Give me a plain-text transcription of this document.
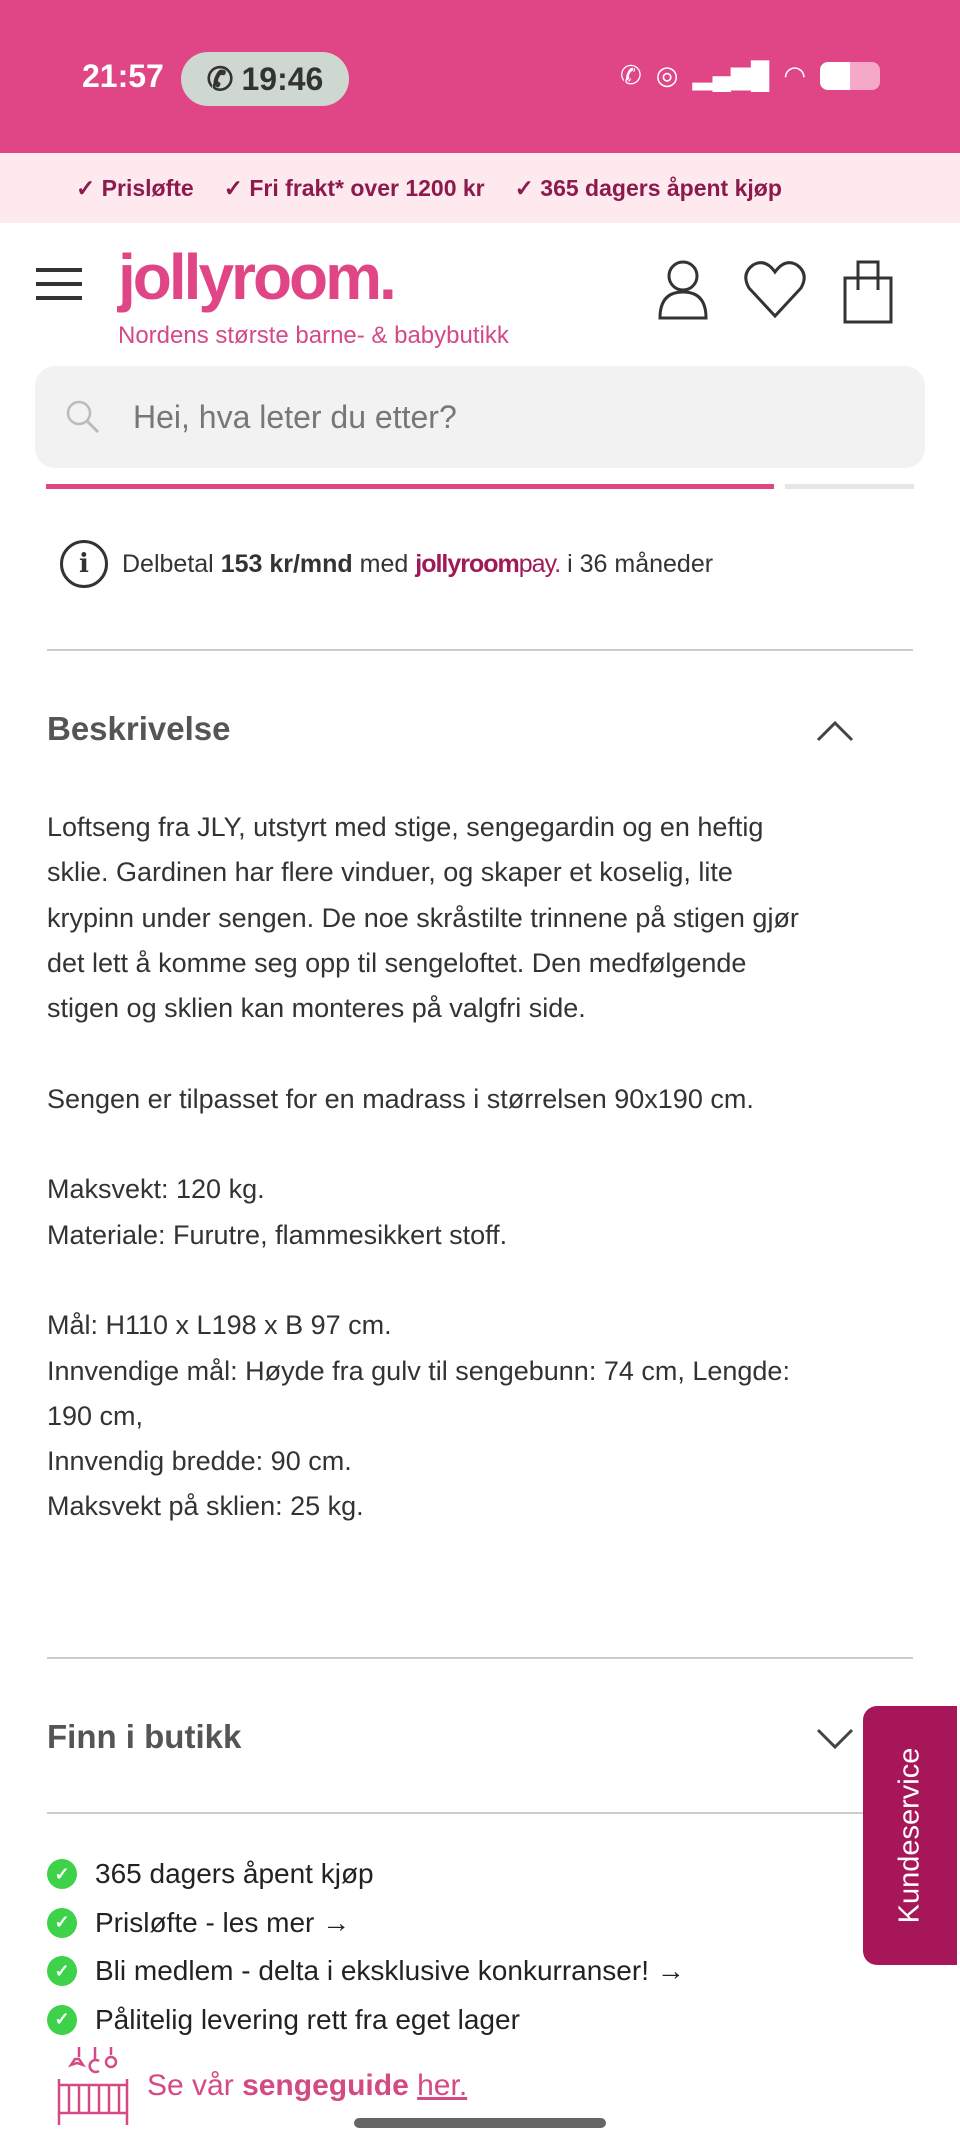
21:57 ✆ 19:46	✆ ◎ ▂▄▆█ ◠
✓ Prisløfte ✓ Fri frakt* over 1200 kr ✓ 365 dagers åpent kjøp
jollyroom.
Nordens største barne- & babybutikk
Hei, hva leter du etter?
i	Delbetal 153 kr/mnd med jollyroompay. i 36 måneder
Beskrivelse
Loftseng fra JLY, utstyrt med stige, sengegardin og en heftig
sklie. Gardinen har flere vinduer, og skaper et koselig, lite
krypinn under sengen. De noe skråstilte trinnene på stigen gjør
det lett å komme seg opp til sengeloftet. Den medfølgende
stigen og sklien kan monteres på valgfri side.
Sengen er tilpasset for en madrass i størrelsen 90x190 cm.
Maksvekt: 120 kg.
Materiale: Furutre, flammesikkert stoff.
Mål: H110 x L198 x B 97 cm.
Innvendige mål: Høyde fra gulv til sengebunn: 74 cm, Lengde:
190 cm,
Innvendig bredde: 90 cm.
Maksvekt på sklien: 25 kg.
Finn i butikk
✓ 365 dagers åpent kjøp
✓ Prisløfte - les mer →
✓ Bli medlem - delta i eksklusive konkurranser! →
✓ Pålitelig levering rett fra eget lager
Se vår sengeguide her.
Kundeservice
